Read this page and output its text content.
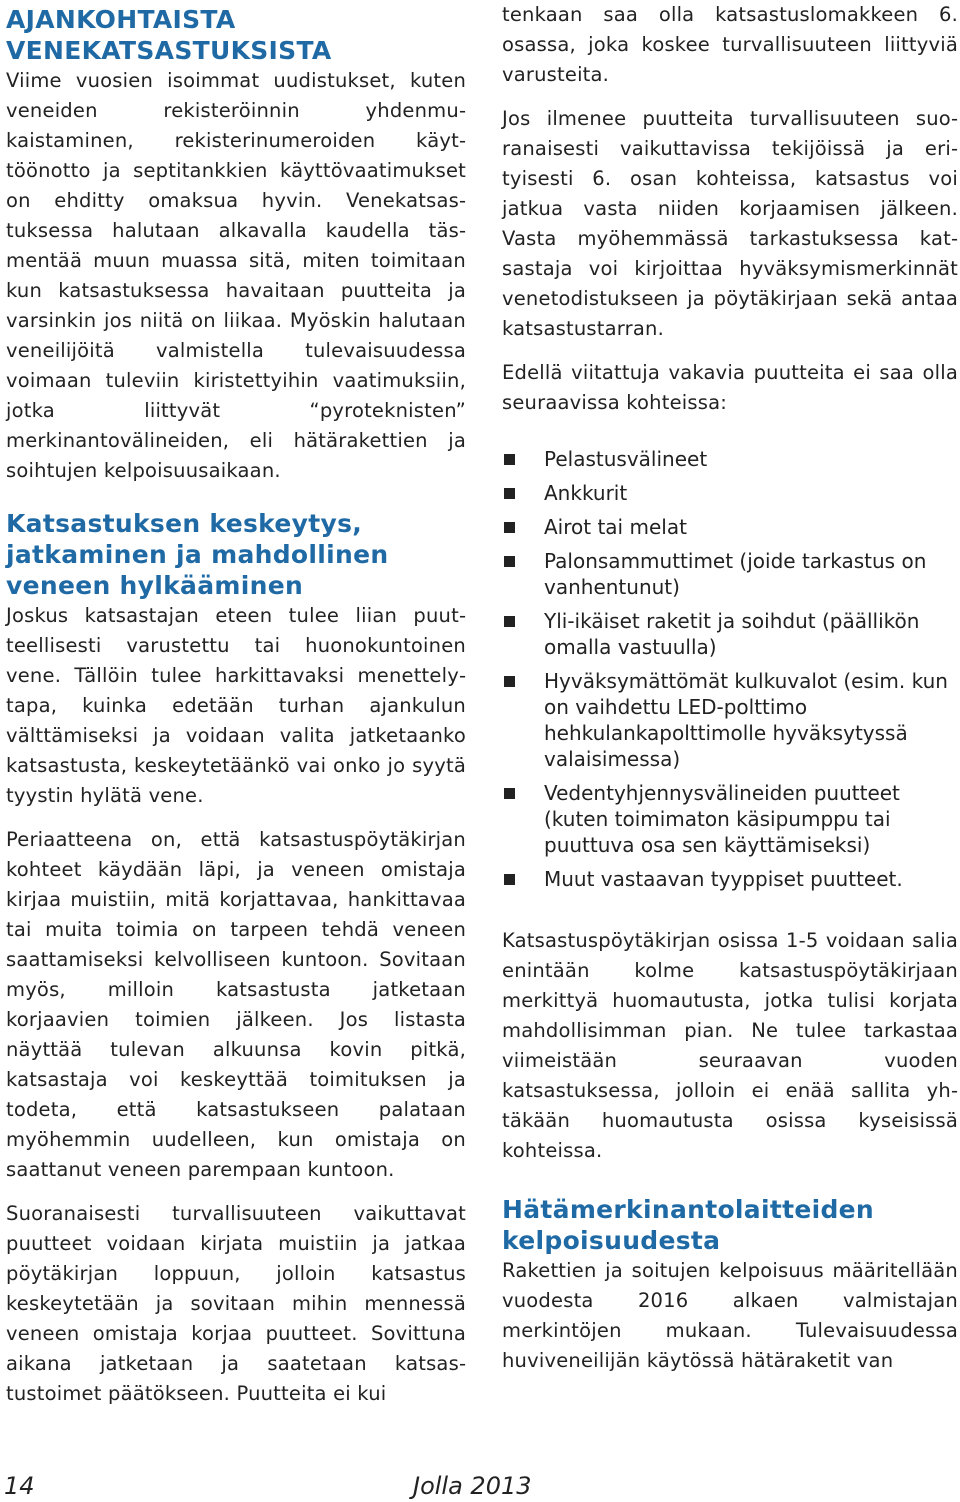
AJANKOHTAISTA VENEKATSASTUKSISTA

Viime vuosien isoimmat uudistukset, kuten veneiden rekisteröinnin yhdenmukaistaminen, rekisterinumeroiden käyttöönotto ja septitankkien käyttövaatimukset on ehditty omaksua hyvin. Venekatsastuksessa halutaan alkavalla kaudella täsmentää muun muassa sitä, miten toimitaan kun katsastuksessa havaitaan puutteita ja varsinkin jos niitä on liikaa. Myöskin halutaan veneilijöitä valmistella tulevaisuudessa voimaan tuleviin kiristettyihin vaatimuksiin, jotka liittyvät “pyroteknisten” merkinantovälineiden, eli hätärakettien ja soihtujen kelpoisuusaikaan.

Katsastuksen keskeytys, jatkaminen ja mahdollinen veneen hylkääminen

Joskus katsastajan eteen tulee liian puutteellisesti varustettu tai huonokuntoinen vene. Tällöin tulee harkittavaksi menettelytapa, kuinka edetään turhan ajankulun välttämiseksi ja voidaan valita jatketaanko katsastusta, keskeytetäänkö vai onko jo syytä tyystin hylätä vene.

Periaatteena on, että katsastuspöytäkirjan kohteet käydään läpi, ja veneen omistaja kirjaa muistiin, mitä korjattavaa, hankittavaa tai muita toimia on tarpeen tehdä veneen saattamiseksi kelvolliseen kuntoon. Sovitaan myös, milloin katsastusta jatketaan korjaavien toimien jälkeen. Jos listasta näyttää tulevan alkuunsa kovin pitkä, katsastaja voi keskeyttää toimituksen ja todeta, että katsastukseen palataan myöhemmin uudelleen, kun omistaja on saattanut veneen parempaan kuntoon.

Suoranaisesti turvallisuuteen vaikuttavat puutteet voidaan kirjata muistiin ja jatkaa pöytäkirjan loppuun, jolloin katsastus keskeytetään ja sovitaan mihin mennessä veneen omistaja korjaa puutteet. Sovittuna aikana jatketaan ja saatetaan katsastustoimet päätökseen. Puutteita ei kui

tenkaan saa olla katsastuslomakkeen 6. osassa, joka koskee turvallisuuteen liittyviä varusteita.

Jos ilmenee puutteita turvallisuuteen suoranaisesti vaikuttavissa tekijöissä ja erityisesti 6. osan kohteissa, katsastus voi jatkua vasta niiden korjaamisen jälkeen. Vasta myöhemmässä tarkastuksessa katsastaja voi kirjoittaa hyväksymismerkinnät venetodistukseen ja pöytäkirjaan sekä antaa katsastustarran.

Edellä viitattuja vakavia puutteita ei saa olla seuraavissa kohteissa:

Pelastusvälineet
Ankkurit
Airot tai melat
Palonsammuttimet (joide tarkastus on vanhentunut)
Yli-ikäiset raketit ja soihdut (päällikön omalla vastuulla)
Hyväksymättömät kulkuvalot (esim. kun on vaihdettu LED-polttimo hehkulankapolttimolle hyväksytyssä valaisimessa)
Vedentyhjennysvälineiden puutteet (kuten toimimaton käsipumppu tai puuttuva osa sen käyttämiseksi)
Muut vastaavan tyyppiset puutteet.

Katsastuspöytäkirjan osissa 1-5 voidaan salia enintään kolme katsastuspöytäkirjaan merkittyä huomautusta, jotka tulisi korjata mahdollisimman pian. Ne tulee tarkastaa viimeistään seuraavan vuoden katsastuksessa, jolloin ei enää sallita yhtäkään huomautusta osissa kyseisissä kohteissa.

Hätämerkinantolaitteiden kelpoisuudesta

Rakettien ja soitujen kelpoisuus määritellään vuodesta 2016 alkaen valmistajan merkintöjen mukaan. Tulevaisuudessa huviveneilijän käytössä hätäraketit van

14	Jolla 2013
